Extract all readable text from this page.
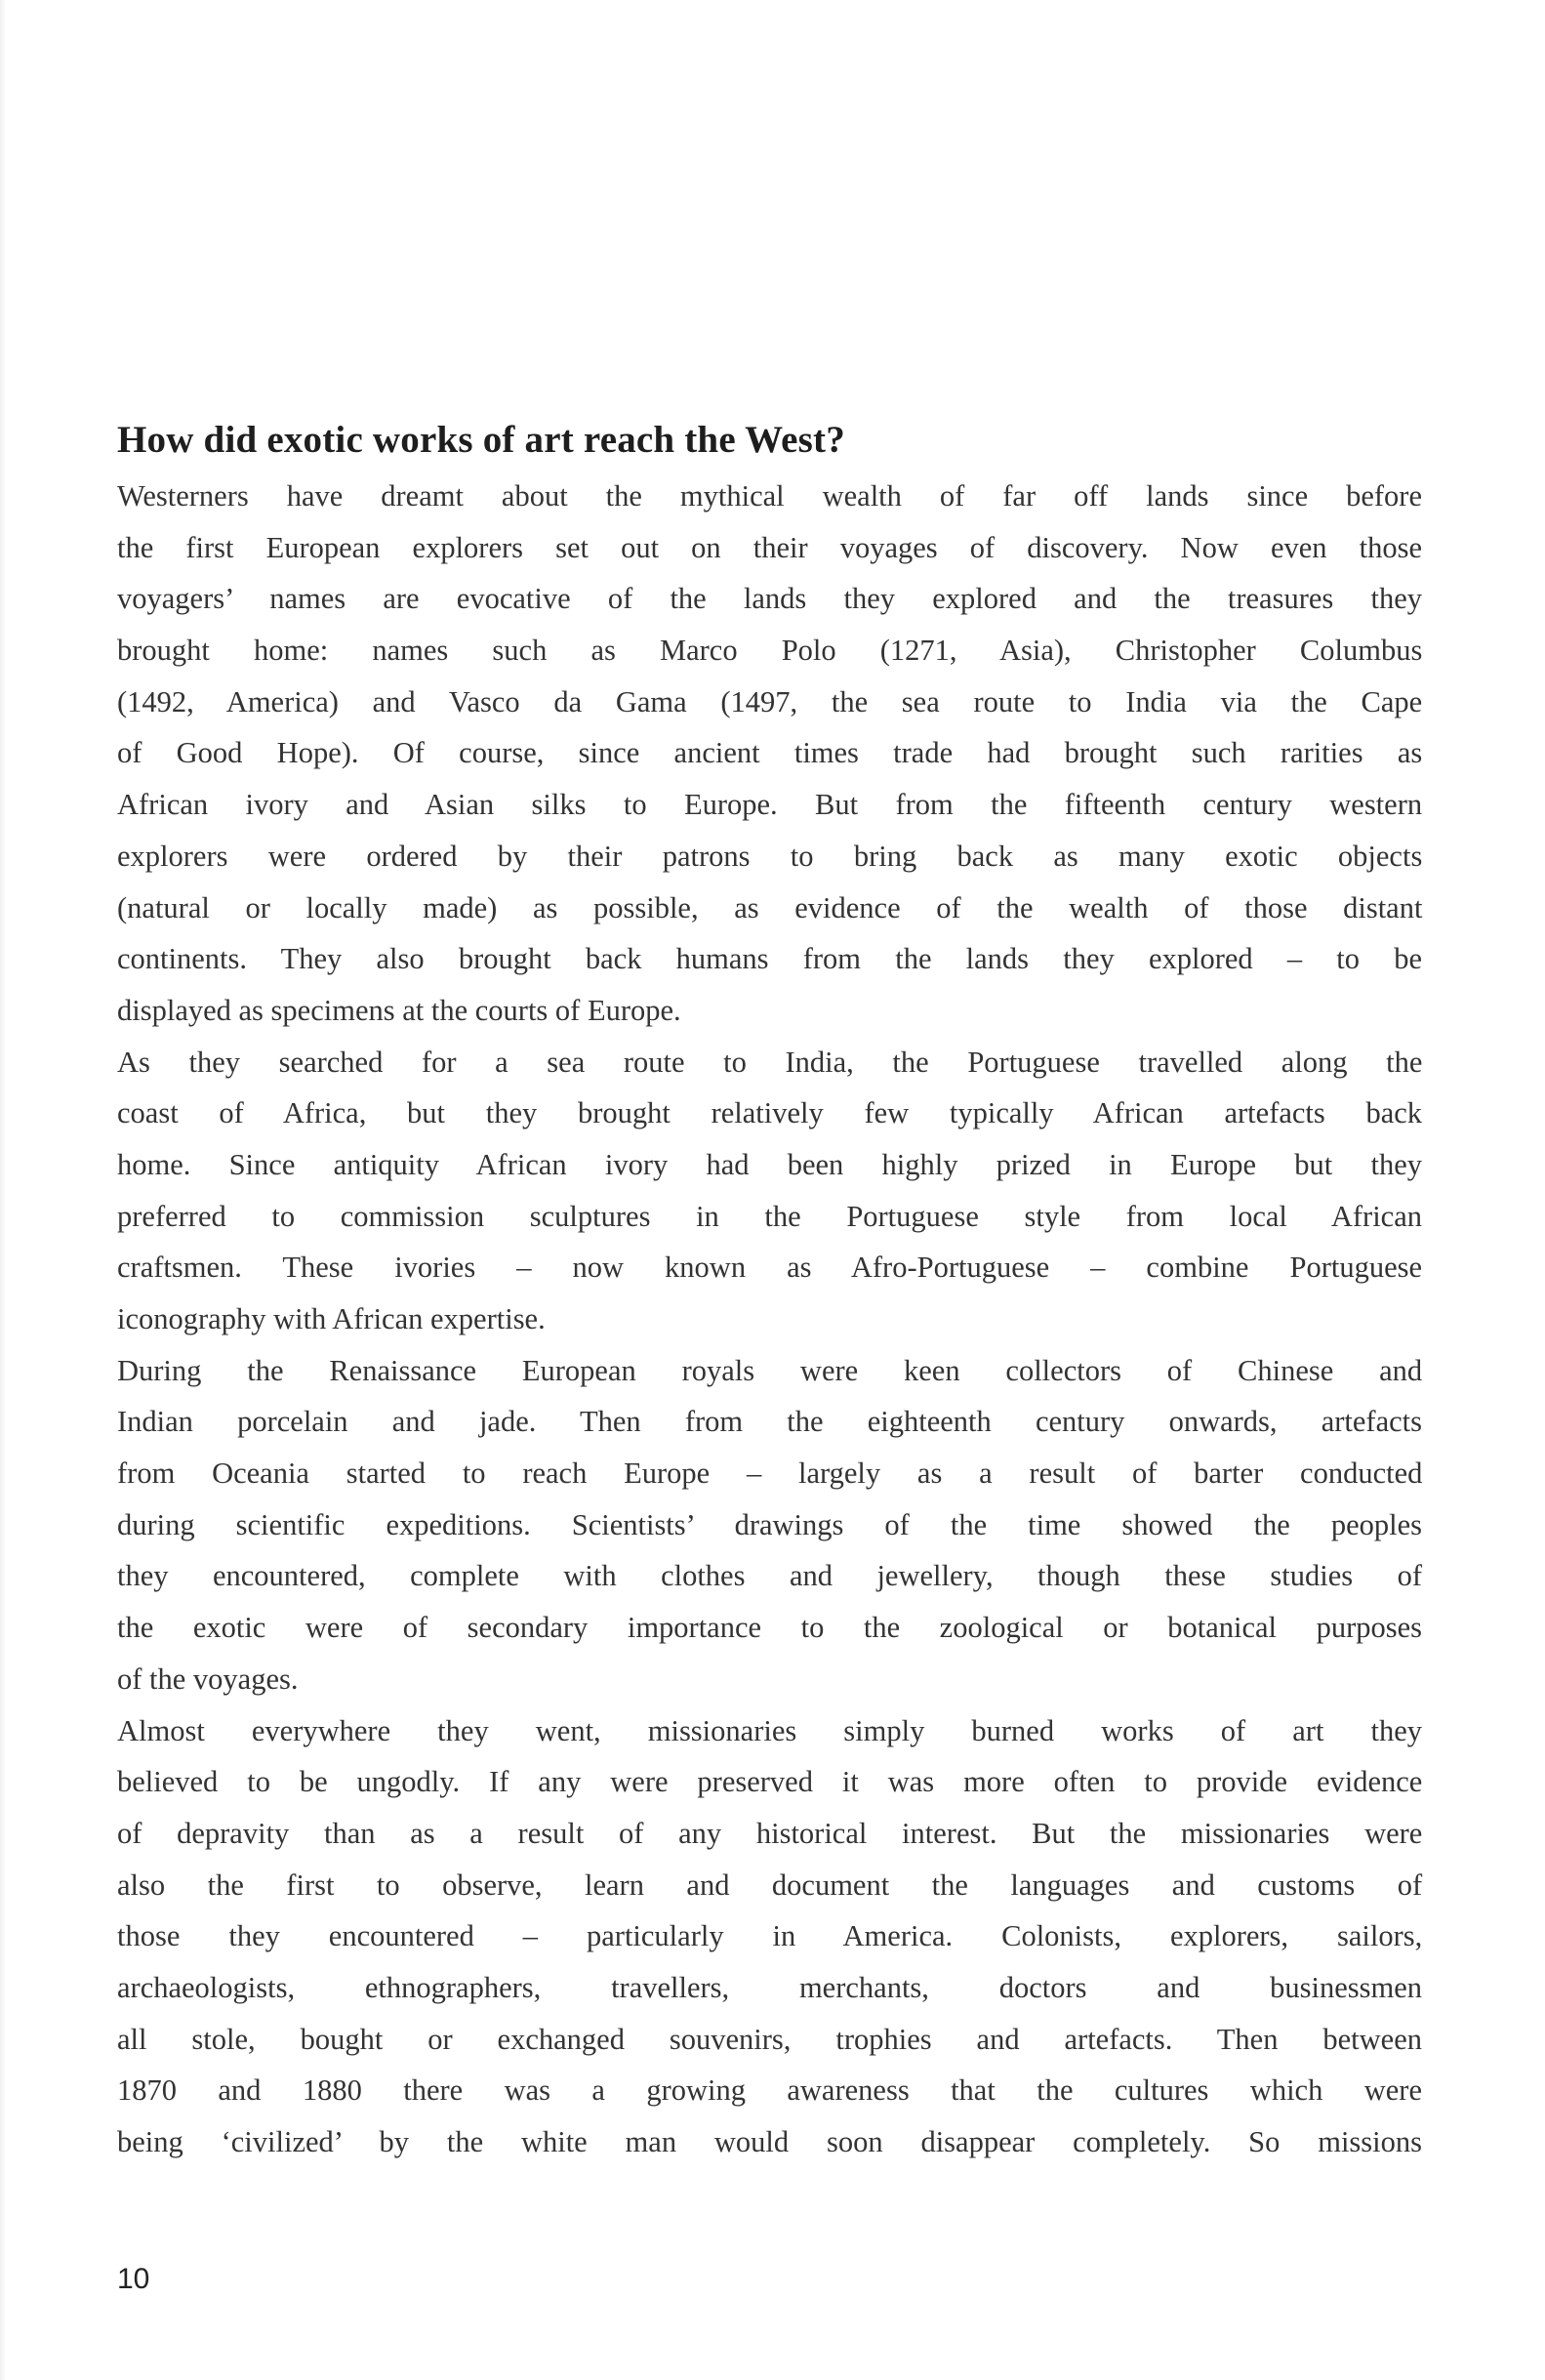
How did exotic works of art reach the West?

Westerners have dreamt about the mythical wealth of far off lands since before
the first European explorers set out on their voyages of discovery. Now even those
voyagers’ names are evocative of the lands they explored and the treasures they
brought home: names such as Marco Polo (1271, Asia), Christopher Columbus
(1492, America) and Vasco da Gama (1497, the sea route to India via the Cape
of Good Hope). Of course, since ancient times trade had brought such rarities as
African ivory and Asian silks to Europe. But from the fifteenth century western
explorers were ordered by their patrons to bring back as many exotic objects
(natural or locally made) as possible, as evidence of the wealth of those distant
continents. They also brought back humans from the lands they explored – to be
displayed as specimens at the courts of Europe.

As they searched for a sea route to India, the Portuguese travelled along the
coast of Africa, but they brought relatively few typically African artefacts back
home. Since antiquity African ivory had been highly prized in Europe but they
preferred to commission sculptures in the Portuguese style from local African
craftsmen. These ivories – now known as Afro-Portuguese – combine Portuguese
iconography with African expertise.

During the Renaissance European royals were keen collectors of Chinese and
Indian porcelain and jade. Then from the eighteenth century onwards, artefacts
from Oceania started to reach Europe – largely as a result of barter conducted
during scientific expeditions. Scientists’ drawings of the time showed the peoples
they encountered, complete with clothes and jewellery, though these studies of
the exotic were of secondary importance to the zoological or botanical purposes
of the voyages.

Almost everywhere they went, missionaries simply burned works of art they
believed to be ungodly. If any were preserved it was more often to provide evidence
of depravity than as a result of any historical interest. But the missionaries were
also the first to observe, learn and document the languages and customs of
those they encountered – particularly in America. Colonists, explorers, sailors,
archaeologists, ethnographers, travellers, merchants, doctors and businessmen
all stole, bought or exchanged souvenirs, trophies and artefacts. Then between
1870 and 1880 there was a growing awareness that the cultures which were
being ‘civilized’ by the white man would soon disappear completely. So missions

10
